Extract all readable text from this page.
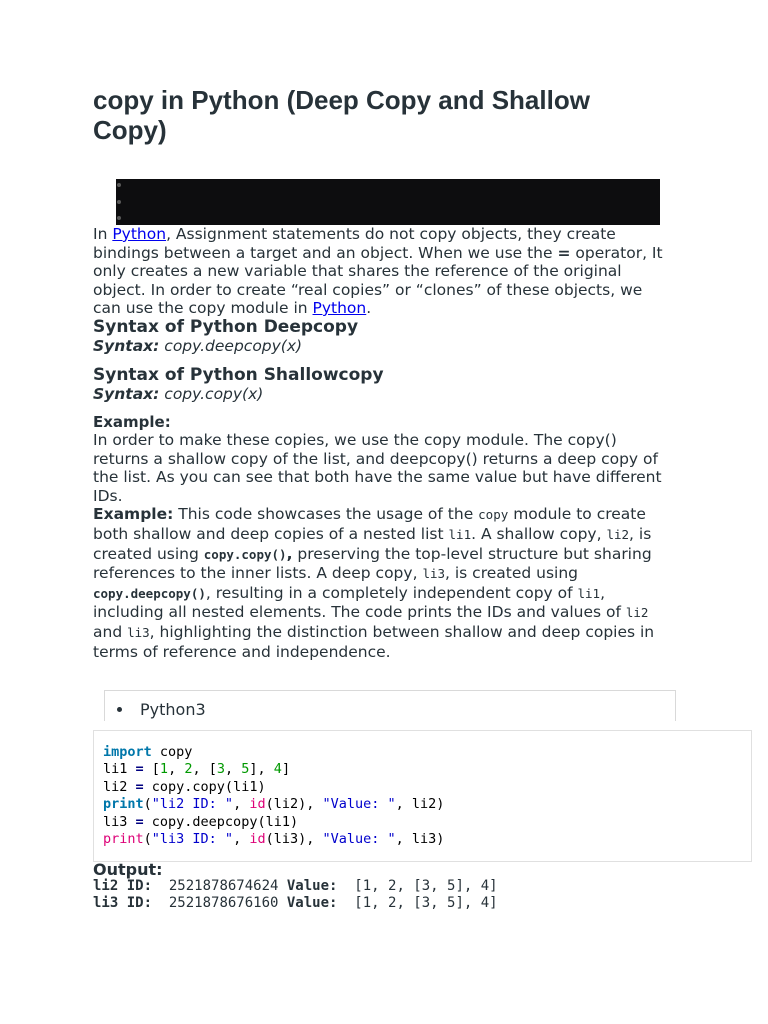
copy in Python (Deep Copy and Shallow Copy)

In Python, Assignment statements do not copy objects, they create bindings between a target and an object. When we use the = operator, It only creates a new variable that shares the reference of the original object. In order to create “real copies” or “clones” of these objects, we can use the copy module in Python.

Syntax of Python Deepcopy

Syntax: copy.deepcopy(x)

Syntax of Python Shallowcopy

Syntax: copy.copy(x)

Example:

In order to make these copies, we use the copy module. The copy() returns a shallow copy of the list, and deepcopy() returns a deep copy of the list. As you can see that both have the same value but have different IDs.

Example: This code showcases the usage of the copy module to create both shallow and deep copies of a nested list li1. A shallow copy, li2, is created using copy.copy(), preserving the top-level structure but sharing references to the inner lists. A deep copy, li3, is created using copy.deepcopy(), resulting in a completely independent copy of li1, including all nested elements. The code prints the IDs and values of li2 and li3, highlighting the distinction between shallow and deep copies in terms of reference and independence.

Python3
import copy
li1 = [1, 2, [3, 5], 4]
li2 = copy.copy(li1)
print("li2 ID: ", id(li2), "Value: ", li2)
li3 = copy.deepcopy(li1)
print("li3 ID: ", id(li3), "Value: ", li3)

Output:

li2 ID:  2521878674624 Value:  [1, 2, [3, 5], 4]
li3 ID:  2521878676160 Value:  [1, 2, [3, 5], 4]
